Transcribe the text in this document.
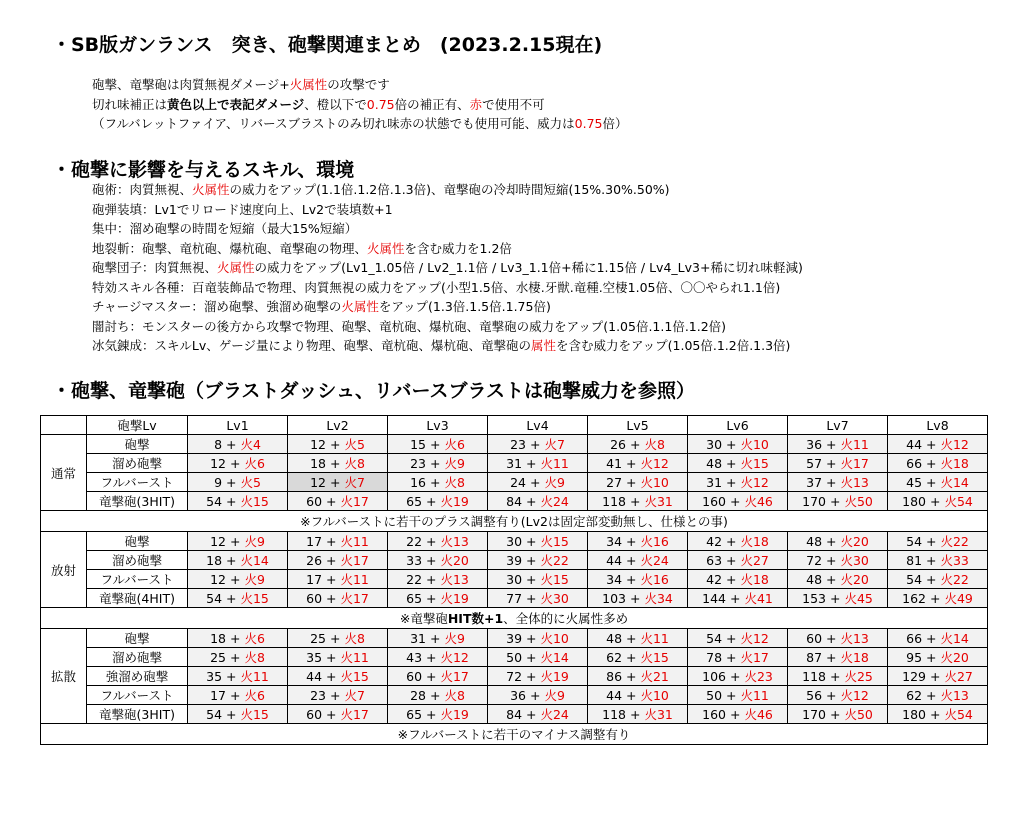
・SB版ガンランス　突き、砲撃関連まとめ　(2023.2.15現在)
砲撃、竜撃砲は肉質無視ダメージ+火属性の攻撃です
切れ味補正は黄色以上で表記ダメージ、橙以下で0.75倍の補正有、赤で使用不可
（フルバレットファイア、リバースブラストのみ切れ味赤の状態でも使用可能、威力は0.75倍）
・砲撃に影響を与えるスキル、環境
砲術：肉質無視、火属性の威力をアップ(1.1倍.1.2倍.1.3倍)、竜撃砲の冷却時間短縮(15%.30%.50%)
砲弾装填：Lv1でリロード速度向上、Lv2で装填数+1
集中：溜め砲撃の時間を短縮（最大15%短縮）
地裂斬：砲撃、竜杭砲、爆杭砲、竜撃砲の物理、火属性を含む威力を1.2倍
砲撃団子：肉質無視、火属性の威力をアップ(Lv1_1.05倍 / Lv2_1.1倍 / Lv3_1.1倍+稀に1.15倍 / Lv4_Lv3+稀に切れ味軽減)
特効スキル各種：百竜装飾品で物理、肉質無視の威力をアップ(小型1.5倍、水棲.牙獣.竜種.空棲1.05倍、〇〇やられ1.1倍)
チャージマスター：溜め砲撃、強溜め砲撃の火属性をアップ(1.3倍.1.5倍.1.75倍)
闇討ち：モンスターの後方から攻撃で物理、砲撃、竜杭砲、爆杭砲、竜撃砲の威力をアップ(1.05倍.1.1倍.1.2倍)
冰気錬成：スキルLv、ゲージ量により物理、砲撃、竜杭砲、爆杭砲、竜撃砲の属性を含む威力をアップ(1.05倍.1.2倍.1.3倍)
・砲撃、竜撃砲（ブラストダッシュ、リバースブラストは砲撃威力を参照）
	砲撃Lv	Lv1	Lv2	Lv3	Lv4	Lv5	Lv6	Lv7	Lv8
通常	砲撃	8 + 火4	12 + 火5	15 + 火6	23 + 火7	26 + 火8	30 + 火10	36 + 火11	44 + 火12
	溜め砲撃	12 + 火6	18 + 火8	23 + 火9	31 + 火11	41 + 火12	48 + 火15	57 + 火17	66 + 火18
	フルバースト	9 + 火5	12 + 火7	16 + 火8	24 + 火9	27 + 火10	31 + 火12	37 + 火13	45 + 火14
	竜撃砲(3HIT)	54 + 火15	60 + 火17	65 + 火19	84 + 火24	118 + 火31	160 + 火46	170 + 火50	180 + 火54
※フルバーストに若干のプラス調整有り(Lv2は固定部変動無し、仕様との事)									
放射	砲撃	12 + 火9	17 + 火11	22 + 火13	30 + 火15	34 + 火16	42 + 火18	48 + 火20	54 + 火22
	溜め砲撃	18 + 火14	26 + 火17	33 + 火20	39 + 火22	44 + 火24	63 + 火27	72 + 火30	81 + 火33
	フルバースト	12 + 火9	17 + 火11	22 + 火13	30 + 火15	34 + 火16	42 + 火18	48 + 火20	54 + 火22
	竜撃砲(4HIT)	54 + 火15	60 + 火17	65 + 火19	77 + 火30	103 + 火34	144 + 火41	153 + 火45	162 + 火49
※竜撃砲HIT数+1、全体的に火属性多め									
拡散	砲撃	18 + 火6	25 + 火8	31 + 火9	39 + 火10	48 + 火11	54 + 火12	60 + 火13	66 + 火14
	溜め砲撃	25 + 火8	35 + 火11	43 + 火12	50 + 火14	62 + 火15	78 + 火17	87 + 火18	95 + 火20
	強溜め砲撃	35 + 火11	44 + 火15	60 + 火17	72 + 火19	86 + 火21	106 + 火23	118 + 火25	129 + 火27
	フルバースト	17 + 火6	23 + 火7	28 + 火8	36 + 火9	44 + 火10	50 + 火11	56 + 火12	62 + 火13
	竜撃砲(3HIT)	54 + 火15	60 + 火17	65 + 火19	84 + 火24	118 + 火31	160 + 火46	170 + 火50	180 + 火54
※フルバーストに若干のマイナス調整有り									
